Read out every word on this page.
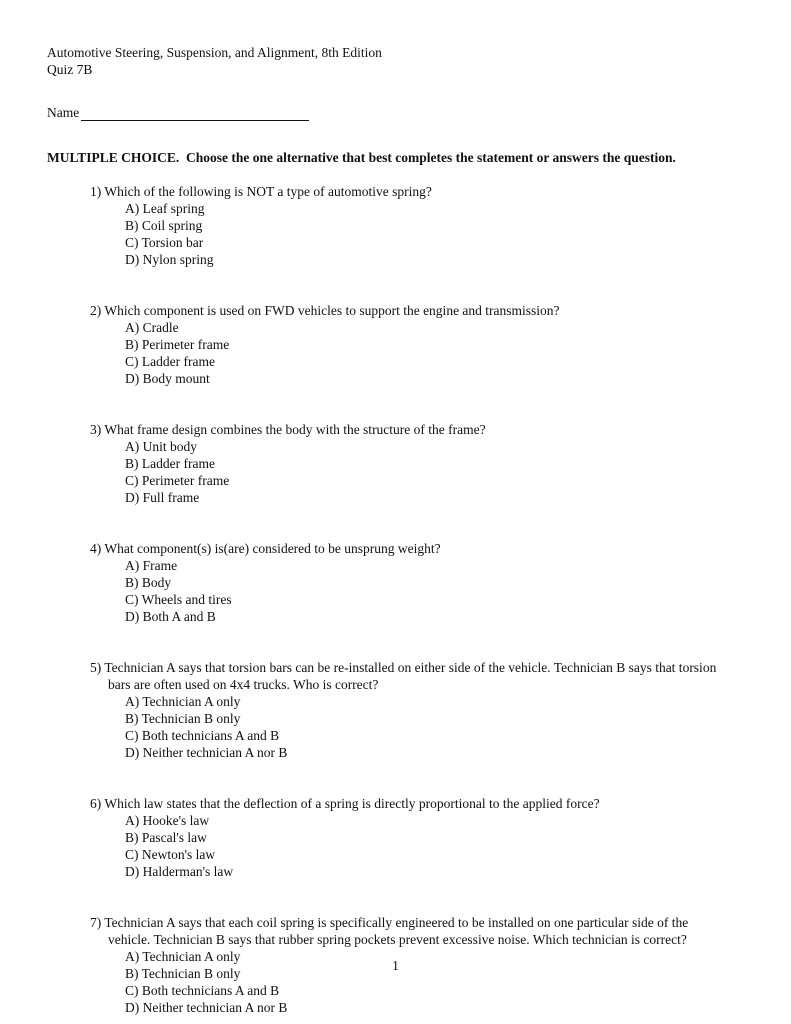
Automotive Steering, Suspension, and Alignment, 8th Edition
Quiz 7B
Name
MULTIPLE CHOICE.  Choose the one alternative that best completes the statement or answers the question.
1) Which of the following is NOT a type of automotive spring?
A) Leaf spring
B) Coil spring
C) Torsion bar
D) Nylon spring
2) Which component is used on FWD vehicles to support the engine and transmission?
A) Cradle
B) Perimeter frame
C) Ladder frame
D) Body mount
3) What frame design combines the body with the structure of the frame?
A) Unit body
B) Ladder frame
C) Perimeter frame
D) Full frame
4) What component(s) is(are) considered to be unsprung weight?
A) Frame
B) Body
C) Wheels and tires
D) Both A and B
5) Technician A says that torsion bars can be re-installed on either side of the vehicle. Technician B says that torsion bars are often used on 4x4 trucks. Who is correct?
A) Technician A only
B) Technician B only
C) Both technicians A and B
D) Neither technician A nor B
6) Which law states that the deflection of a spring is directly proportional to the applied force?
A) Hooke's law
B) Pascal's law
C) Newton's law
D) Halderman's law
7) Technician A says that each coil spring is specifically engineered to be installed on one particular side of the vehicle. Technician B says that rubber spring pockets prevent excessive noise. Which technician is correct?
A) Technician A only
B) Technician B only
C) Both technicians A and B
D) Neither technician A nor B
1
